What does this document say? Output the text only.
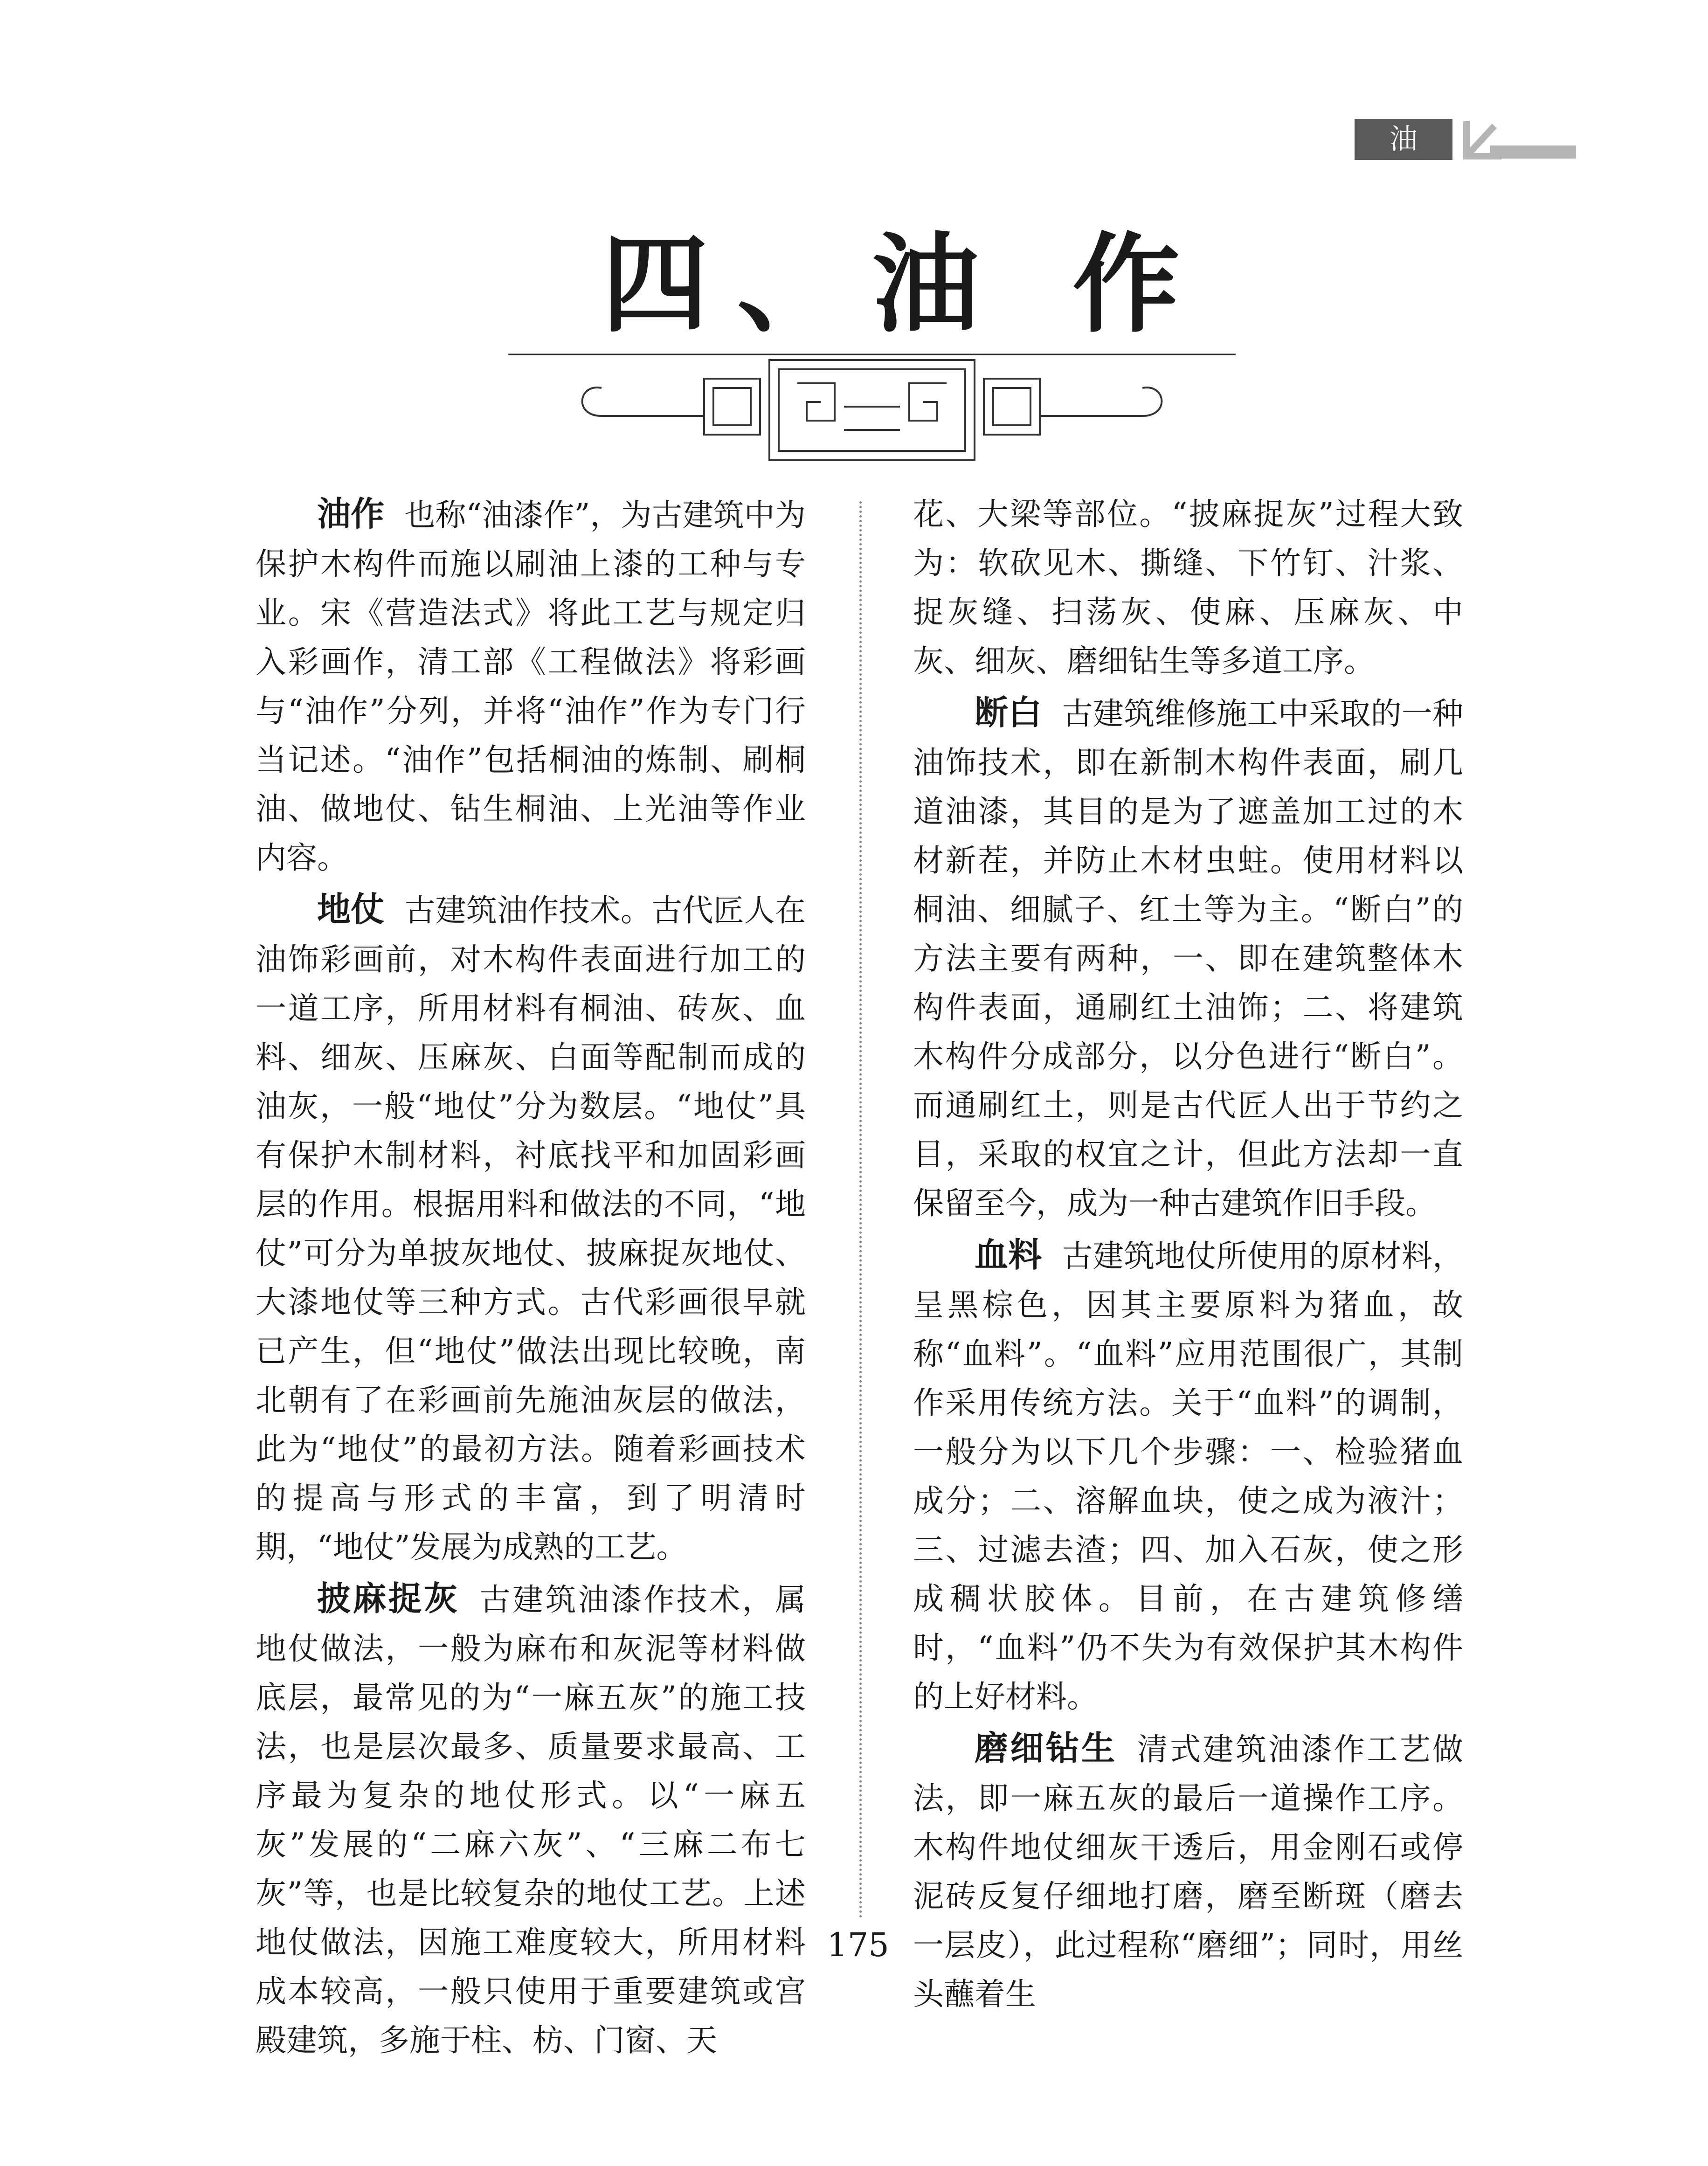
油作
四、油 作

油作 也称“油漆作”，为古建筑中为保护木构件而施以刷油上漆的工种与专业。宋《营造法式》将此工艺与规定归入彩画作，清工部《工程做法》将彩画与“油作”分列，并将“油作”作为专门行当记述。“油作”包括桐油的炼制、刷桐油、做地仗、钻生桐油、上光油等作业内容。

地仗 古建筑油作技术。古代匠人在油饰彩画前，对木构件表面进行加工的一道工序，所用材料有桐油、砖灰、血料、细灰、压麻灰、白面等配制而成的油灰，一般“地仗”分为数层。“地仗”具有保护木制材料，衬底找平和加固彩画层的作用。根据用料和做法的不同，“地仗”可分为单披灰地仗、披麻捉灰地仗、大漆地仗等三种方式。古代彩画很早就已产生，但“地仗”做法出现比较晚，南北朝有了在彩画前先施油灰层的做法，此为“地仗”的最初方法。随着彩画技术的提高与形式的丰富，到了明清时期，“地仗”发展为成熟的工艺。

披麻捉灰 古建筑油漆作技术，属地仗做法，一般为麻布和灰泥等材料做底层，最常见的为“一麻五灰”的施工技法，也是层次最多、质量要求最高、工序最为复杂的地仗形式。以“一麻五灰”发展的“二麻六灰”、“三麻二布七灰”等，也是比较复杂的地仗工艺。上述地仗做法，因施工难度较大，所用材料成本较高，一般只使用于重要建筑或宫殿建筑，多施于柱、枋、门窗、天

花、大梁等部位。“披麻捉灰”过程大致为：软砍见木、撕缝、下竹钉、汁浆、捉灰缝、扫荡灰、使麻、压麻灰、中灰、细灰、磨细钻生等多道工序。

断白 古建筑维修施工中采取的一种油饰技术，即在新制木构件表面，刷几道油漆，其目的是为了遮盖加工过的木材新茬，并防止木材虫蛀。使用材料以桐油、细腻子、红土等为主。“断白”的方法主要有两种，一、即在建筑整体木构件表面，通刷红土油饰；二、将建筑木构件分成部分，以分色进行“断白”。而通刷红土，则是古代匠人出于节约之目，采取的权宜之计，但此方法却一直保留至今，成为一种古建筑作旧手段。

血料 古建筑地仗所使用的原材料，呈黑棕色，因其主要原料为猪血，故称“血料”。“血料”应用范围很广，其制作采用传统方法。关于“血料”的调制，一般分为以下几个步骤：一、检验猪血成分；二、溶解血块，使之成为液汁；三、过滤去渣；四、加入石灰，使之形成稠状胶体。目前，在古建筑修缮时，“血料”仍不失为有效保护其木构件的上好材料。

磨细钻生 清式建筑油漆作工艺做法，即一麻五灰的最后一道操作工序。木构件地仗细灰干透后，用金刚石或停泥砖反复仔细地打磨，磨至断斑（磨去一层皮），此过程称“磨细”；同时，用丝头蘸着生

175
